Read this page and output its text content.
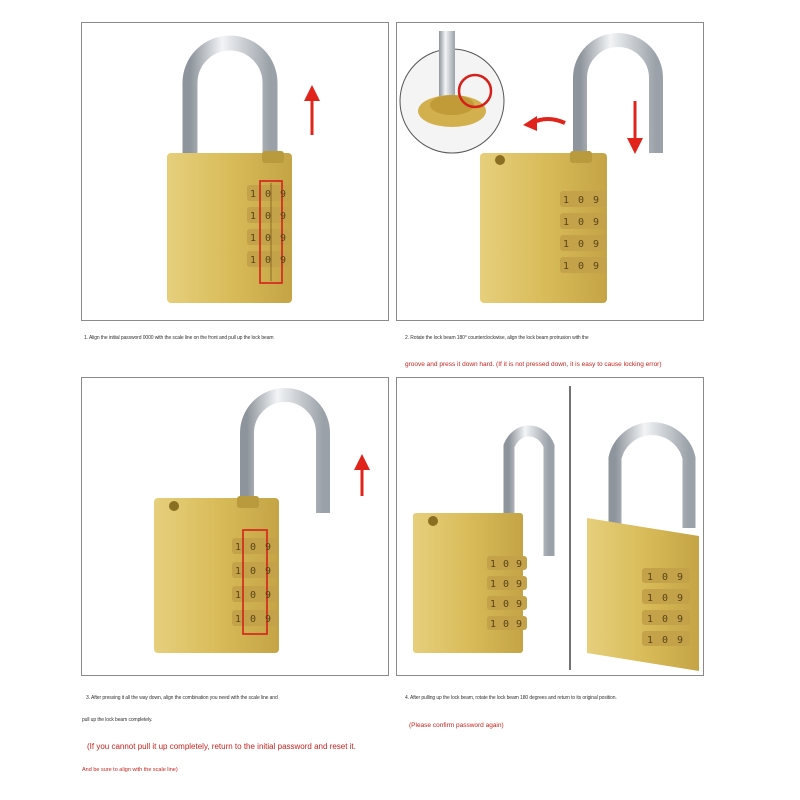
1 0 9
1 0 9
1 0 9
1 0 9
1. Align the initial password 0000 with the scale line on the front and pull up the lock beam
1 0 9
1 0 9
1 0 9
1 0 9
2. Rotate the lock beam 180° counterclockwise, align the lock beam protrusion with the
groove and press it down hard. (If it is not pressed down, it is easy to cause locking error)
1 0 9
1 0 9
1 0 9
1 0 9
3. After pressing it all the way down, align the combination you need with the scale line and
pull up the lock beam completely.
(If you cannot pull it up completely, return to the initial password and reset it.
And be sure to align with the scale line)
1 0 9
1 0 9
1 0 9
1 0 9
1 0 9
1 0 9
1 0 9
1 0 9
4. After pulling up the lock beam, rotate the lock beam 180 degrees and return to its original position.
(Please confirm password again)
